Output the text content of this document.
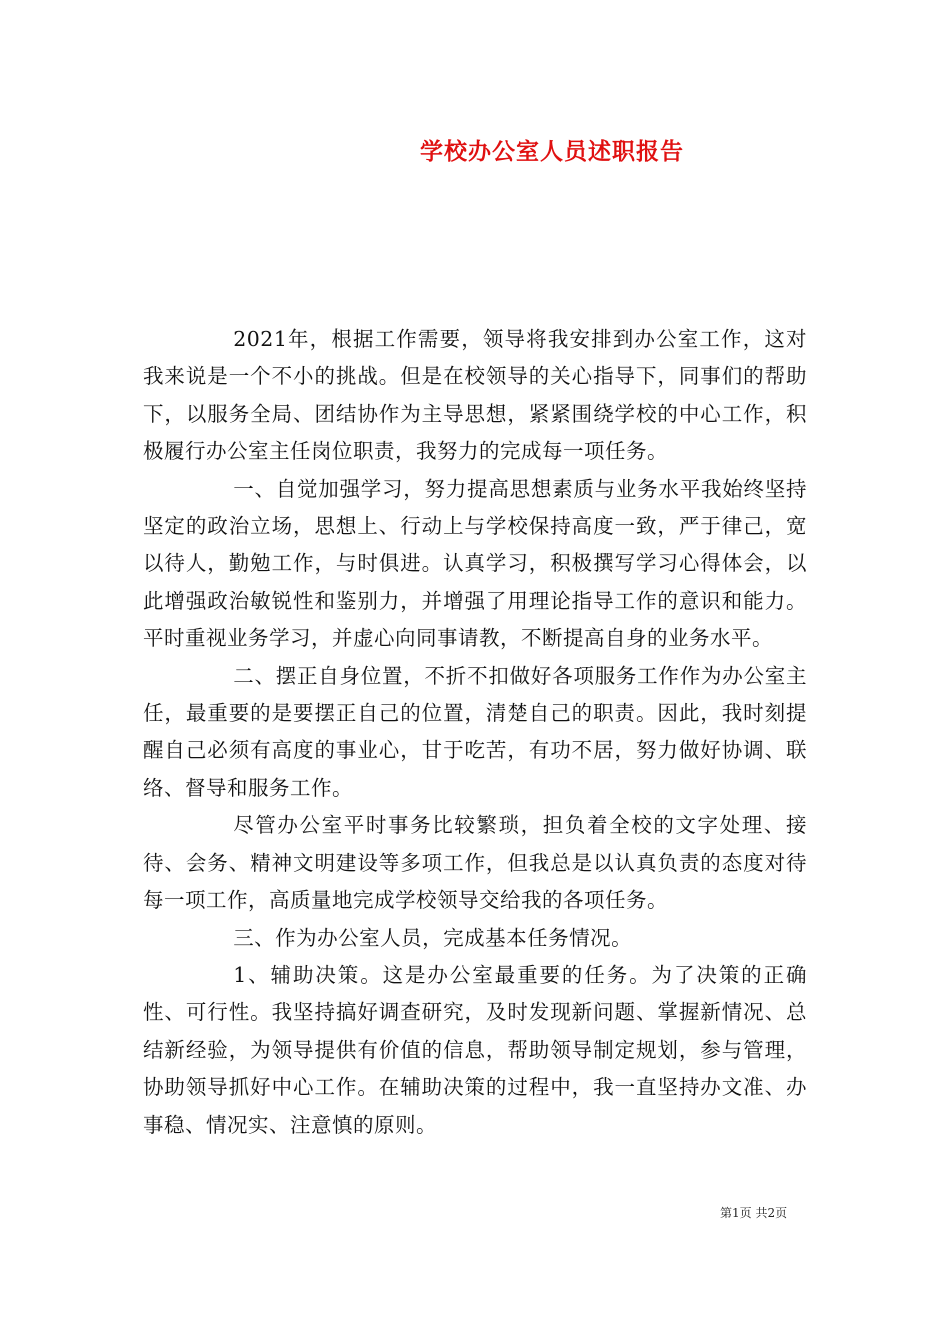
学校办公室人员述职报告

2021年，根据工作需要，领导将我安排到办公室工作，这对我来说是一个不小的挑战。但是在校领导的关心指导下，同事们的帮助下，以服务全局、团结协作为主导思想，紧紧围绕学校的中心工作，积极履行办公室主任岗位职责，我努力的完成每一项任务。

一、自觉加强学习，努力提高思想素质与业务水平我始终坚持坚定的政治立场，思想上、行动上与学校保持高度一致，严于律己，宽以待人，勤勉工作，与时俱进。认真学习，积极撰写学习心得体会，以此增强政治敏锐性和鉴别力，并增强了用理论指导工作的意识和能力。平时重视业务学习，并虚心向同事请教，不断提高自身的业务水平。

二、摆正自身位置，不折不扣做好各项服务工作作为办公室主任，最重要的是要摆正自己的位置，清楚自己的职责。因此，我时刻提醒自己必须有高度的事业心，甘于吃苦，有功不居，努力做好协调、联络、督导和服务工作。

尽管办公室平时事务比较繁琐，担负着全校的文字处理、接待、会务、精神文明建设等多项工作，但我总是以认真负责的态度对待每一项工作，高质量地完成学校领导交给我的各项任务。

三、作为办公室人员，完成基本任务情况。

1、辅助决策。这是办公室最重要的任务。为了决策的正确性、可行性。我坚持搞好调查研究，及时发现新问题、掌握新情况、总结新经验，为领导提供有价值的信息，帮助领导制定规划，参与管理，协助领导抓好中心工作。在辅助决策的过程中，我一直坚持办文准、办事稳、情况实、注意慎的原则。

第1页 共2页
